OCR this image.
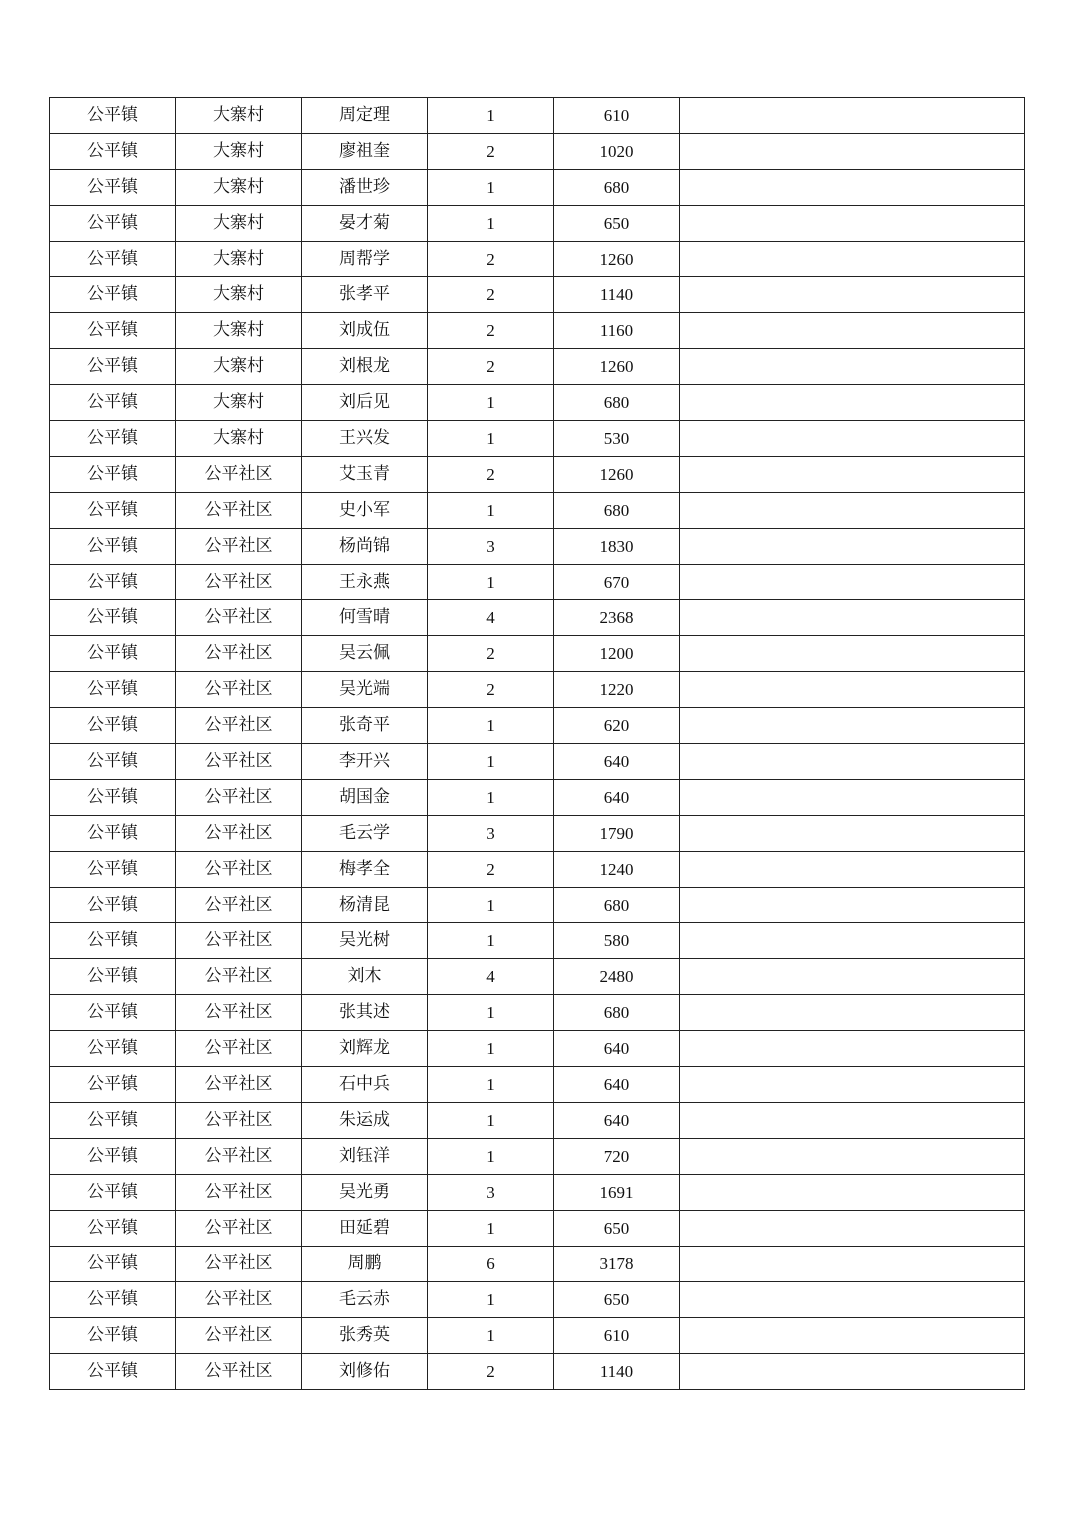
公平镇	大寨村	周定理	1	610	
公平镇	大寨村	廖祖奎	2	1020	
公平镇	大寨村	潘世珍	1	680	
公平镇	大寨村	晏才菊	1	650	
公平镇	大寨村	周帮学	2	1260	
公平镇	大寨村	张孝平	2	1140	
公平镇	大寨村	刘成伍	2	1160	
公平镇	大寨村	刘根龙	2	1260	
公平镇	大寨村	刘后见	1	680	
公平镇	大寨村	王兴发	1	530	
公平镇	公平社区	艾玉青	2	1260	
公平镇	公平社区	史小军	1	680	
公平镇	公平社区	杨尚锦	3	1830	
公平镇	公平社区	王永燕	1	670	
公平镇	公平社区	何雪晴	4	2368	
公平镇	公平社区	吴云佩	2	1200	
公平镇	公平社区	吴光端	2	1220	
公平镇	公平社区	张奇平	1	620	
公平镇	公平社区	李开兴	1	640	
公平镇	公平社区	胡国金	1	640	
公平镇	公平社区	毛云学	3	1790	
公平镇	公平社区	梅孝全	2	1240	
公平镇	公平社区	杨清昆	1	680	
公平镇	公平社区	吴光树	1	580	
公平镇	公平社区	刘木	4	2480	
公平镇	公平社区	张其述	1	680	
公平镇	公平社区	刘辉龙	1	640	
公平镇	公平社区	石中兵	1	640	
公平镇	公平社区	朱运成	1	640	
公平镇	公平社区	刘钰洋	1	720	
公平镇	公平社区	吴光勇	3	1691	
公平镇	公平社区	田延碧	1	650	
公平镇	公平社区	周鹏	6	3178	
公平镇	公平社区	毛云赤	1	650	
公平镇	公平社区	张秀英	1	610	
公平镇	公平社区	刘修佑	2	1140	
